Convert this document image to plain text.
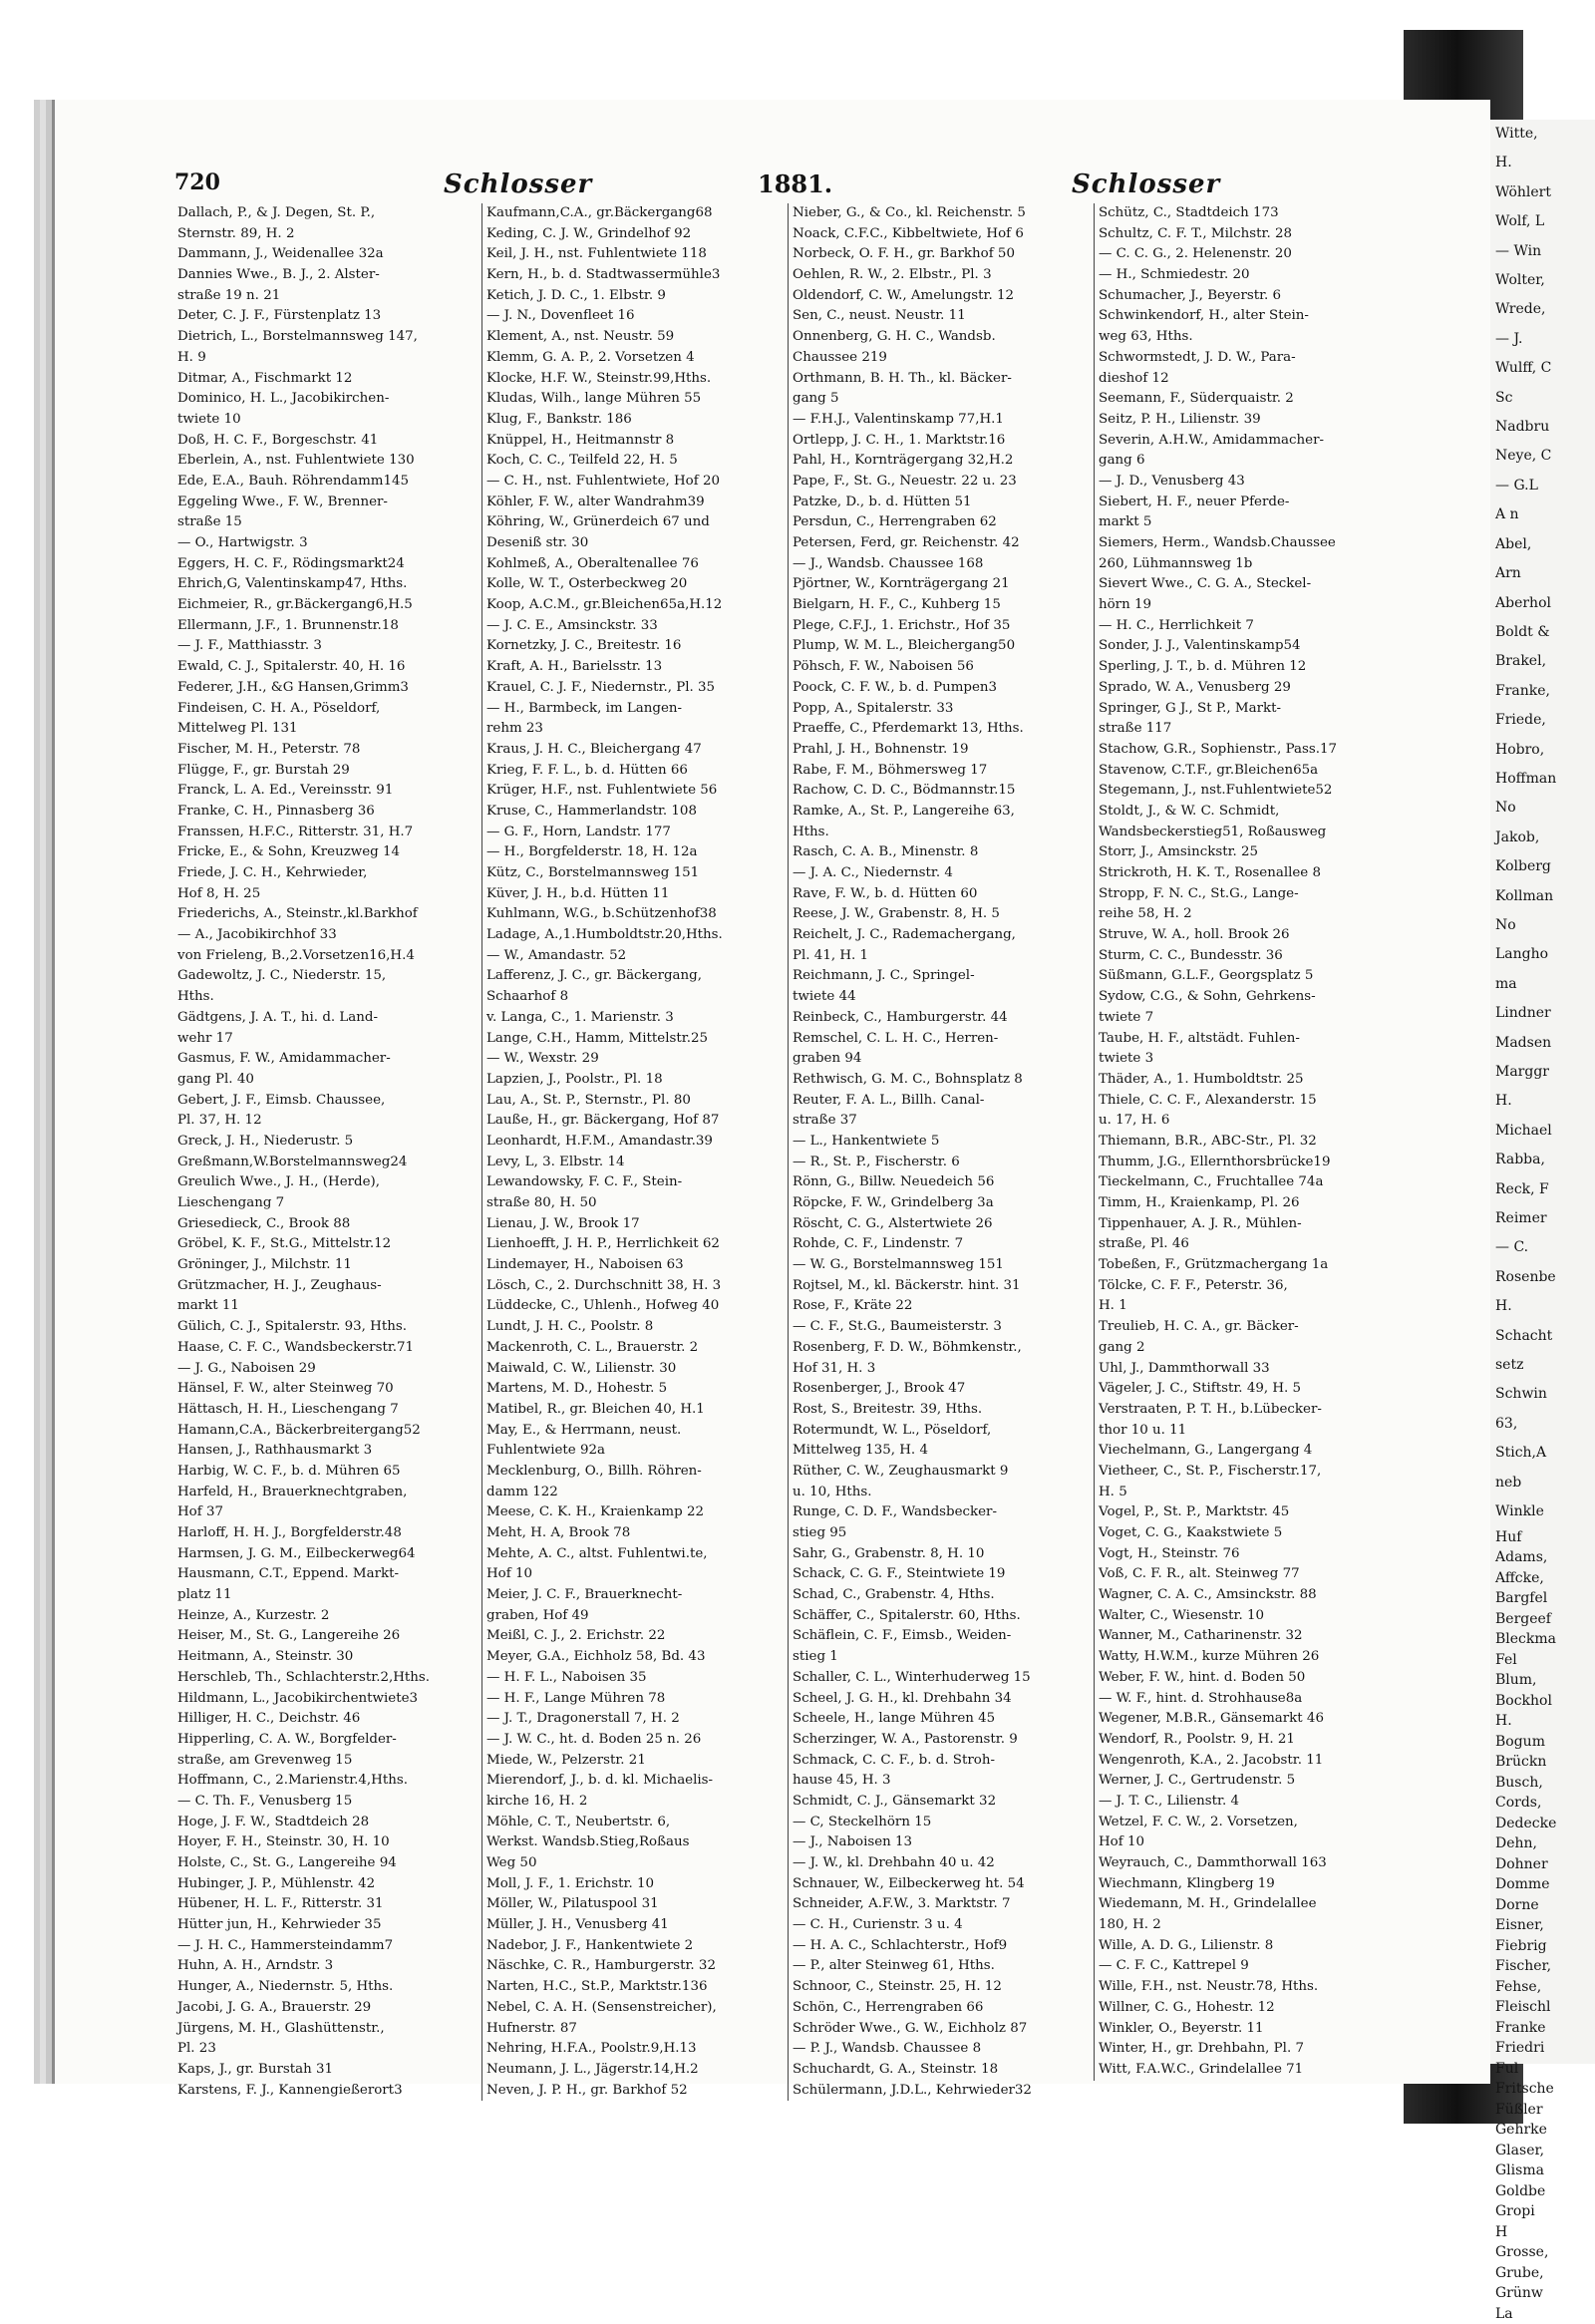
Witte,
H.
Wöhlert
Wolf, L
— Win
Wolter,
Wrede,
— J.
Wulff, C
Sc
Nadbru
Neye, C
— G.L
A n
Abel,
Arn
Aberhol
Boldt &
Brakel,
Franke,
Friede,
Hobro,
Hoffman
No
Jakob,
Kolberg
Kollman
No
Langho
ma
Lindner
Madsen
Marggr
H.
Michael
Rabba,
Reck, F
Reimer
— C.
Rosenbe
H.
Schacht
setz
Schwin
63,
Stich,A
neb
Winkle
Huf
Adams,
Affcke,
Bargfel
Bergeef
Bleckma
Fel
Blum,
Bockhol
H.
Bogum
Brückn
Busch,
Cords,
Dedecke
Dehn,
Dohner
Domme
Dorne
Eisner,
Fiebrig
Fischer,
Fehse,
Fleischl
Franke
Friedri
Ful
Fritsche
Füßler
Gehrke
Glaser,
Glisma
Goldbe
Gropi
H
Grosse,
Grube,
Grünw
La
720	Schlosser	1881.	Schlosser
Dallach, P., & J. Degen, St. P.,
Sternstr. 89, H. 2
Dammann, J., Weidenallee 32a
Dannies Wwe., B. J., 2. Alster-
straße 19 n. 21
Deter, C. J. F., Fürstenplatz 13
Dietrich, L., Borstelmannsweg 147,
H. 9
Ditmar, A., Fischmarkt 12
Dominico, H. L., Jacobikirchen-
twiete 10
Doß, H. C. F., Borgeschstr. 41
Eberlein, A., nst. Fuhlentwiete 130
Ede, E.A., Bauh. Röhrendamm145
Eggeling Wwe., F. W., Brenner-
straße 15
— O., Hartwigstr. 3
Eggers, H. C. F., Rödingsmarkt24
Ehrich,G, Valentinskamp47, Hths.
Eichmeier, R., gr.Bäckergang6,H.5
Ellermann, J.F., 1. Brunnenstr.18
— J. F., Matthiasstr. 3
Ewald, C. J., Spitalerstr. 40, H. 16
Federer, J.H., &G Hansen,Grimm3
Findeisen, C. H. A., Pöseldorf,
Mittelweg Pl. 131
Fischer, M. H., Peterstr. 78
Flügge, F., gr. Burstah 29
Franck, L. A. Ed., Vereinsstr. 91
Franke, C. H., Pinnasberg 36
Franssen, H.F.C., Ritterstr. 31, H.7
Fricke, E., & Sohn, Kreuzweg 14
Friede, J. C. H., Kehrwieder,
Hof 8, H. 25
Friederichs, A., Steinstr.,kl.Barkhof
— A., Jacobikirchhof 33
von Frieleng, B.,2.Vorsetzen16,H.4
Gadewoltz, J. C., Niederstr. 15,
Hths.
Gädtgens, J. A. T., hi. d. Land-
wehr 17
Gasmus, F. W., Amidammacher-
gang Pl. 40
Gebert, J. F., Eimsb. Chaussee,
Pl. 37, H. 12
Greck, J. H., Niederustr. 5
Greßmann,W.Borstelmannsweg24
Greulich Wwe., J. H., (Herde),
Lieschengang 7
Griesedieck, C., Brook 88
Gröbel, K. F., St.G., Mittelstr.12
Gröninger, J., Milchstr. 11
Grützmacher, H. J., Zeughaus-
markt 11
Gülich, C. J., Spitalerstr. 93, Hths.
Haase, C. F. C., Wandsbeckerstr.71
— J. G., Naboisen 29
Hänsel, F. W., alter Steinweg 70
Hättasch, H. H., Lieschengang 7
Hamann,C.A., Bäckerbreitergang52
Hansen, J., Rathhausmarkt 3
Harbig, W. C. F., b. d. Mühren 65
Harfeld, H., Brauerknechtgraben,
Hof 37
Harloff, H. H. J., Borgfelderstr.48
Harmsen, J. G. M., Eilbeckerweg64
Hausmann, C.T., Eppend. Markt-
platz 11
Heinze, A., Kurzestr. 2
Heiser, M., St. G., Langereihe 26
Heitmann, A., Steinstr. 30
Herschleb, Th., Schlachterstr.2,Hths.
Hildmann, L., Jacobikirchentwiete3
Hilliger, H. C., Deichstr. 46
Hipperling, C. A. W., Borgfelder-
straße, am Grevenweg 15
Hoffmann, C., 2.Marienstr.4,Hths.
— C. Th. F., Venusberg 15
Hoge, J. F. W., Stadtdeich 28
Hoyer, F. H., Steinstr. 30, H. 10
Holste, C., St. G., Langereihe 94
Hubinger, J. P., Mühlenstr. 42
Hübener, H. L. F., Ritterstr. 31
Hütter jun, H., Kehrwieder 35
— J. H. C., Hammersteindamm7
Huhn, A. H., Arndstr. 3
Hunger, A., Niedernstr. 5, Hths.
Jacobi, J. G. A., Brauerstr. 29
Jürgens, M. H., Glashüttenstr.,
Pl. 23
Kaps, J., gr. Burstah 31
Karstens, F. J., Kannengießerort3
Kaufmann,C.A., gr.Bäckergang68
Keding, C. J. W., Grindelhof 92
Keil, J. H., nst. Fuhlentwiete 118
Kern, H., b. d. Stadtwassermühle3
Ketich, J. D. C., 1. Elbstr. 9
— J. N., Dovenfleet 16
Klement, A., nst. Neustr. 59
Klemm, G. A. P., 2. Vorsetzen 4
Klocke, H.F. W., Steinstr.99,Hths.
Kludas, Wilh., lange Mühren 55
Klug, F., Bankstr. 186
Knüppel, H., Heitmannstr 8
Koch, C. C., Teilfeld 22, H. 5
— C. H., nst. Fuhlentwiete, Hof 20
Köhler, F. W., alter Wandrahm39
Köhring, W., Grünerdeich 67 und
Deseniß str. 30
Kohlmeß, A., Oberaltenallee 76
Kolle, W. T., Osterbeckweg 20
Koop, A.C.M., gr.Bleichen65a,H.12
— J. C. E., Amsinckstr. 33
Kornetzky, J. C., Breitestr. 16
Kraft, A. H., Barielsstr. 13
Krauel, C. J. F., Niedernstr., Pl. 35
— H., Barmbeck, im Langen-
rehm 23
Kraus, J. H. C., Bleichergang 47
Krieg, F. F. L., b. d. Hütten 66
Krüger, H.F., nst. Fuhlentwiete 56
Kruse, C., Hammerlandstr. 108
— G. F., Horn, Landstr. 177
— H., Borgfelderstr. 18, H. 12a
Kütz, C., Borstelmannsweg 151
Küver, J. H., b.d. Hütten 11
Kuhlmann, W.G., b.Schützenhof38
Ladage, A.,1.Humboldtstr.20,Hths.
— W., Amandastr. 52
Lafferenz, J. C., gr. Bäckergang,
Schaarhof 8
v. Langa, C., 1. Marienstr. 3
Lange, C.H., Hamm, Mittelstr.25
— W., Wexstr. 29
Lapzien, J., Poolstr., Pl. 18
Lau, A., St. P., Sternstr., Pl. 80
Lauße, H., gr. Bäckergang, Hof 87
Leonhardt, H.F.M., Amandastr.39
Levy, L, 3. Elbstr. 14
Lewandowsky, F. C. F., Stein-
straße 80, H. 50
Lienau, J. W., Brook 17
Lienhoefft, J. H. P., Herrlichkeit 62
Lindemayer, H., Naboisen 63
Lösch, C., 2. Durchschnitt 38, H. 3
Lüddecke, C., Uhlenh., Hofweg 40
Lundt, J. H. C., Poolstr. 8
Mackenroth, C. L., Brauerstr. 2
Maiwald, C. W., Lilienstr. 30
Martens, M. D., Hohestr. 5
Matibel, R., gr. Bleichen 40, H.1
May, E., & Herrmann, neust.
Fuhlentwiete 92a
Mecklenburg, O., Billh. Röhren-
damm 122
Meese, C. K. H., Kraienkamp 22
Meht, H. A, Brook 78
Mehte, A. C., altst. Fuhlentwi.te,
Hof 10
Meier, J. C. F., Brauerknecht-
graben, Hof 49
Meißl, C. J., 2. Erichstr. 22
Meyer, G.A., Eichholz 58, Bd. 43
— H. F. L., Naboisen 35
— H. F., Lange Mühren 78
— J. T., Dragonerstall 7, H. 2
— J. W. C., ht. d. Boden 25 n. 26
Miede, W., Pelzerstr. 21
Mierendorf, J., b. d. kl. Michaelis-
kirche 16, H. 2
Möhle, C. T., Neubertstr. 6,
Werkst. Wandsb.Stieg,Roßaus
Weg 50
Moll, J. F., 1. Erichstr. 10
Möller, W., Pilatuspool 31
Müller, J. H., Venusberg 41
Nadebor, J. F., Hankentwiete 2
Näschke, C. R., Hamburgerstr. 32
Narten, H.C., St.P., Marktstr.136
Nebel, C. A. H. (Sensenstreicher),
Hufnerstr. 87
Nehring, H.F.A., Poolstr.9,H.13
Neumann, J. L., Jägerstr.14,H.2
Neven, J. P. H., gr. Barkhof 52
Nieber, G., & Co., kl. Reichenstr. 5
Noack, C.F.C., Kibbeltwiete, Hof 6
Norbeck, O. F. H., gr. Barkhof 50
Oehlen, R. W., 2. Elbstr., Pl. 3
Oldendorf, C. W., Amelungstr. 12
Sen, C., neust. Neustr. 11
Onnenberg, G. H. C., Wandsb.
Chaussee 219
Orthmann, B. H. Th., kl. Bäcker-
gang 5
— F.H.J., Valentinskamp 77,H.1
Ortlepp, J. C. H., 1. Marktstr.16
Pahl, H., Kornträgergang 32,H.2
Pape, F., St. G., Neuestr. 22 u. 23
Patzke, D., b. d. Hütten 51
Persdun, C., Herrengraben 62
Petersen, Ferd, gr. Reichenstr. 42
— J., Wandsb. Chaussee 168
Pjörtner, W., Kornträgergang 21
Bielgarn, H. F., C., Kuhberg 15
Plege, C.F.J., 1. Erichstr., Hof 35
Plump, W. M. L., Bleichergang50
Pöhsch, F. W., Naboisen 56
Poock, C. F. W., b. d. Pumpen3
Popp, A., Spitalerstr. 33
Praeffe, C., Pferdemarkt 13, Hths.
Prahl, J. H., Bohnenstr. 19
Rabe, F. M., Böhmersweg 17
Rachow, C. D. C., Bödmannstr.15
Ramke, A., St. P., Langereihe 63,
Hths.
Rasch, C. A. B., Minenstr. 8
— J. A. C., Niedernstr. 4
Rave, F. W., b. d. Hütten 60
Reese, J. W., Grabenstr. 8, H. 5
Reichelt, J. C., Rademachergang,
Pl. 41, H. 1
Reichmann, J. C., Springel-
twiete 44
Reinbeck, C., Hamburgerstr. 44
Remschel, C. L. H. C., Herren-
graben 94
Rethwisch, G. M. C., Bohnsplatz 8
Reuter, F. A. L., Billh. Canal-
straße 37
— L., Hankentwiete 5
— R., St. P., Fischerstr. 6
Rönn, G., Billw. Neuedeich 56
Röpcke, F. W., Grindelberg 3a
Röscht, C. G., Alstertwiete 26
Rohde, C. F., Lindenstr. 7
— W. G., Borstelmannsweg 151
Rojtsel, M., kl. Bäckerstr. hint. 31
Rose, F., Kräte 22
— C. F., St.G., Baumeisterstr. 3
Rosenberg, F. D. W., Böhmkenstr.,
Hof 31, H. 3
Rosenberger, J., Brook 47
Rost, S., Breitestr. 39, Hths.
Rotermundt, W. L., Pöseldorf,
Mittelweg 135, H. 4
Rüther, C. W., Zeughausmarkt 9
u. 10, Hths.
Runge, C. D. F., Wandsbecker-
stieg 95
Sahr, G., Grabenstr. 8, H. 10
Schack, C. G. F., Steintwiete 19
Schad, C., Grabenstr. 4, Hths.
Schäffer, C., Spitalerstr. 60, Hths.
Schäflein, C. F., Eimsb., Weiden-
stieg 1
Schaller, C. L., Winterhuderweg 15
Scheel, J. G. H., kl. Drehbahn 34
Scheele, H., lange Mühren 45
Scherzinger, W. A., Pastorenstr. 9
Schmack, C. C. F., b. d. Stroh-
hause 45, H. 3
Schmidt, C. J., Gänsemarkt 32
— C, Steckelhörn 15
— J., Naboisen 13
— J. W., kl. Drehbahn 40 u. 42
Schnauer, W., Eilbeckerweg ht. 54
Schneider, A.F.W., 3. Marktstr. 7
— C. H., Curienstr. 3 u. 4
— H. A. C., Schlachterstr., Hof9
— P., alter Steinweg 61, Hths.
Schnoor, C., Steinstr. 25, H. 12
Schön, C., Herrengraben 66
Schröder Wwe., G. W., Eichholz 87
— P. J., Wandsb. Chaussee 8
Schuchardt, G. A., Steinstr. 18
Schülermann, J.D.L., Kehrwieder32
Schütz, C., Stadtdeich 173
Schultz, C. F. T., Milchstr. 28
— C. C. G., 2. Helenenstr. 20
— H., Schmiedestr. 20
Schumacher, J., Beyerstr. 6
Schwinkendorf, H., alter Stein-
weg 63, Hths.
Schwormstedt, J. D. W., Para-
dieshof 12
Seemann, F., Süderquaistr. 2
Seitz, P. H., Lilienstr. 39
Severin, A.H.W., Amidammacher-
gang 6
— J. D., Venusberg 43
Siebert, H. F., neuer Pferde-
markt 5
Siemers, Herm., Wandsb.Chaussee
260, Lühmannsweg 1b
Sievert Wwe., C. G. A., Steckel-
hörn 19
— H. C., Herrlichkeit 7
Sonder, J. J., Valentinskamp54
Sperling, J. T., b. d. Mühren 12
Sprado, W. A., Venusberg 29
Springer, G J., St P., Markt-
straße 117
Stachow, G.R., Sophienstr., Pass.17
Stavenow, C.T.F., gr.Bleichen65a
Stegemann, J., nst.Fuhlentwiete52
Stoldt, J., & W. C. Schmidt,
Wandsbeckerstieg51, Roßausweg
Storr, J., Amsinckstr. 25
Strickroth, H. K. T., Rosenallee 8
Stropp, F. N. C., St.G., Lange-
reihe 58, H. 2
Struve, W. A., holl. Brook 26
Sturm, C. C., Bundesstr. 36
Süßmann, G.L.F., Georgsplatz 5
Sydow, C.G., & Sohn, Gehrkens-
twiete 7
Taube, H. F., altstädt. Fuhlen-
twiete 3
Thäder, A., 1. Humboldtstr. 25
Thiele, C. C. F., Alexanderstr. 15
u. 17, H. 6
Thiemann, B.R., ABC-Str., Pl. 32
Thumm, J.G., Ellernthorsbrücke19
Tieckelmann, C., Fruchtallee 74a
Timm, H., Kraienkamp, Pl. 26
Tippenhauer, A. J. R., Mühlen-
straße, Pl. 46
Tobeßen, F., Grützmachergang 1a
Tölcke, C. F. F., Peterstr. 36,
H. 1
Treulieb, H. C. A., gr. Bäcker-
gang 2
Uhl, J., Dammthorwall 33
Vägeler, J. C., Stiftstr. 49, H. 5
Verstraaten, P. T. H., b.Lübecker-
thor 10 u. 11
Viechelmann, G., Langergang 4
Vietheer, C., St. P., Fischerstr.17,
H. 5
Vogel, P., St. P., Marktstr. 45
Voget, C. G., Kaakstwiete 5
Vogt, H., Steinstr. 76
Voß, C. F. R., alt. Steinweg 77
Wagner, C. A. C., Amsinckstr. 88
Walter, C., Wiesenstr. 10
Wanner, M., Catharinenstr. 32
Watty, H.W.M., kurze Mühren 26
Weber, F. W., hint. d. Boden 50
— W. F., hint. d. Strohhause8a
Wegener, M.B.R., Gänsemarkt 46
Wendorf, R., Poolstr. 9, H. 21
Wengenroth, K.A., 2. Jacobstr. 11
Werner, J. C., Gertrudenstr. 5
— J. T. C., Lilienstr. 4
Wetzel, F. C. W., 2. Vorsetzen,
Hof 10
Weyrauch, C., Dammthorwall 163
Wiechmann, Klingberg 19
Wiedemann, M. H., Grindelallee
180, H. 2
Wille, A. D. G., Lilienstr. 8
— C. F. C., Kattrepel 9
Wille, F.H., nst. Neustr.78, Hths.
Willner, C. G., Hohestr. 12
Winkler, O., Beyerstr. 11
Winter, H., gr. Drehbahn, Pl. 7
Witt, F.A.W.C., Grindelallee 71
